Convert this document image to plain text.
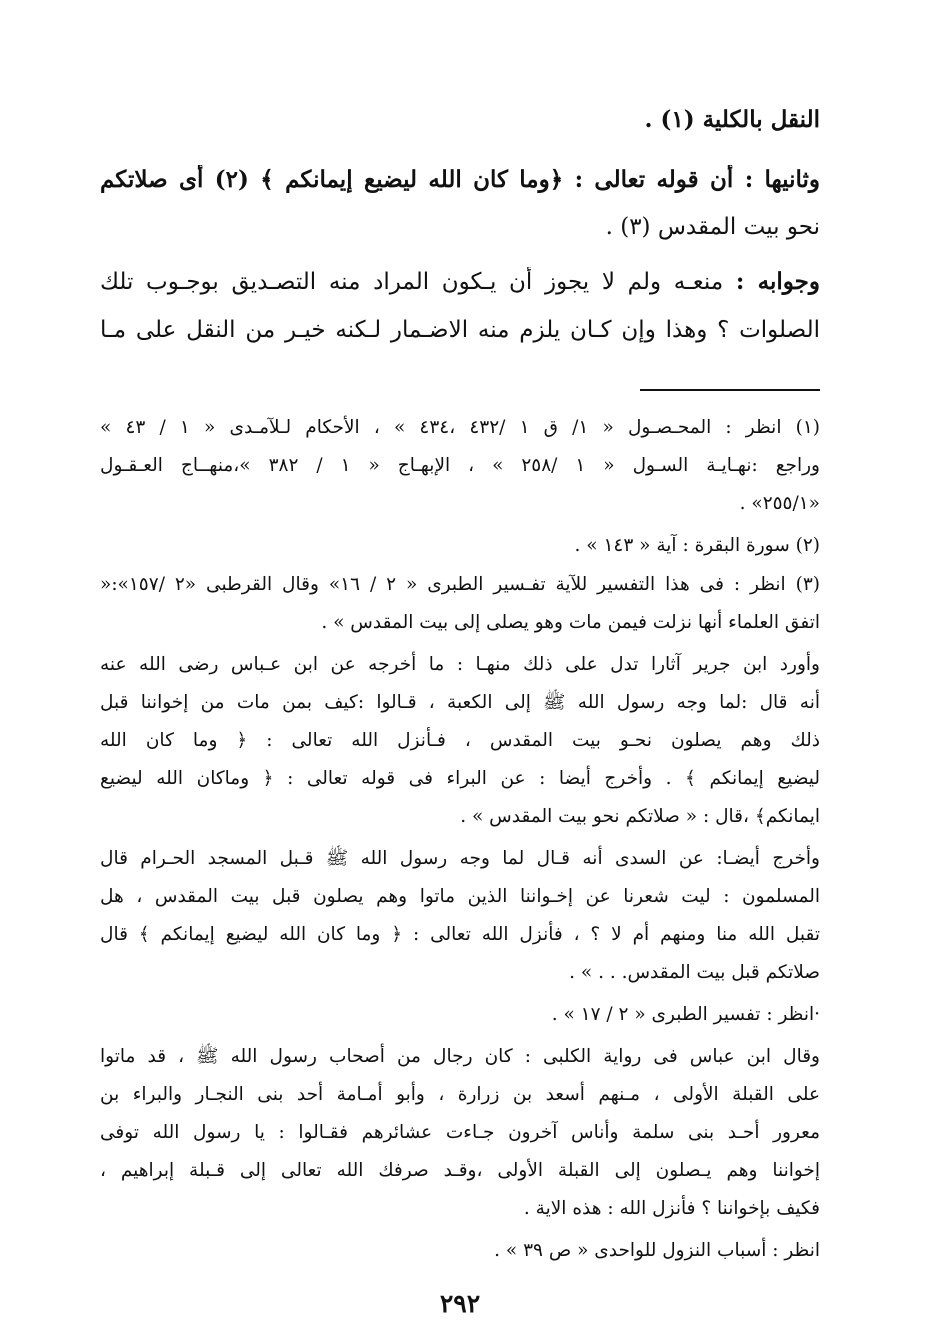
النقل بالكلية (١) .
وثانيها : أن قوله تعالى : ﴿وما كان الله ليضيع إيمانكم ﴾ (٢) أى صلاتكم
نحو بيت المقدس (٣) .
وجوابه : منعـه ولم لا يجوز أن يـكون المراد منه التصـديق بوجـوب تلك
الصلوات ؟ وهذا وإن كـان يلزم منه الاضـمار لـكنه خيـر من النقل على مـا
(١) انظر : المحـصـول « ١/ ق ١ /٤٣٢ ،٤٣٤ » ، الأحكام لـلآمـدى « ١ / ٤٣ »
وراجع :نهـايـة السـول « ١ /٢٥٨ » ، الإبهـاج « ١ / ٣٨٢ »،منهــاج العـقـول
«٢٥٥/١» .
(٢) سورة البقرة : آية « ١٤٣ » .
(٣) انظر : فى هذا التفسير للآية تفـسير الطبرى « ٢ / ١٦» وقال القرطبى «٢ /١٥٧»:«
اتفق العلماء أنها نزلت فيمن مات وهو يصلى إلى بيت المقدس » .
وأورد ابن جرير آثارا تدل على ذلك منهـا : ما أخرجه عن ابن عـباس رضى الله عنه
أنه قال :لما وجه رسول الله ﷺ إلى الكعبة ، قـالوا :كيف بمن مات من إخواننا قبل
ذلك وهم يصلون نحـو بيت المقدس ، فـأنزل الله تعالى : ﴿ وما كان الله
ليضيع إيمانكم ﴾ . وأخرج أيضا : عن البراء فى قوله تعالى : ﴿ وماكان الله ليضيع
ايمانكم﴾ ،قال : « صلاتكم نحو بيت المقدس » .
وأخرج أيضـا: عن السدى أنه قـال لما وجه رسول الله ﷺ قـبل المسجد الحـرام قال
المسلمون : ليت شعرنا عن إخـواننا الذين ماتوا وهم يصلون قبل بيت المقدس ، هل
تقبل الله منا ومنهم أم لا ؟ ، فأنزل الله تعالى : ﴿ وما كان الله ليضيع إيمانكم ﴾ قال
صلاتكم قبل بيت المقدس. . . » .
·انظر : تفسير الطبرى « ٢ / ١٧ » .
وقال ابن عباس فى رواية الكلبى : كان رجال من أصحاب رسول الله ﷺ ، قد ماتوا
على القبلة الأولى ، مـنهم أسعد بن زرارة ، وأبو أمـامة أحد بنى النجـار والبراء بن
معرور أحـد بنى سلمة وأناس آخرون جـاءت عشائرهم فقـالوا : يا رسول الله توفى
إخواننا وهم يـصلون إلى القبلة الأولى ،وقـد صرفك الله تعالى إلى قـبلة إبراهيم ،
فكيف بإخواننا ؟ فأنزل الله : هذه الاية .
انظر : أسباب النزول للواحدى « ص ٣٩ » .
٢٩٢
